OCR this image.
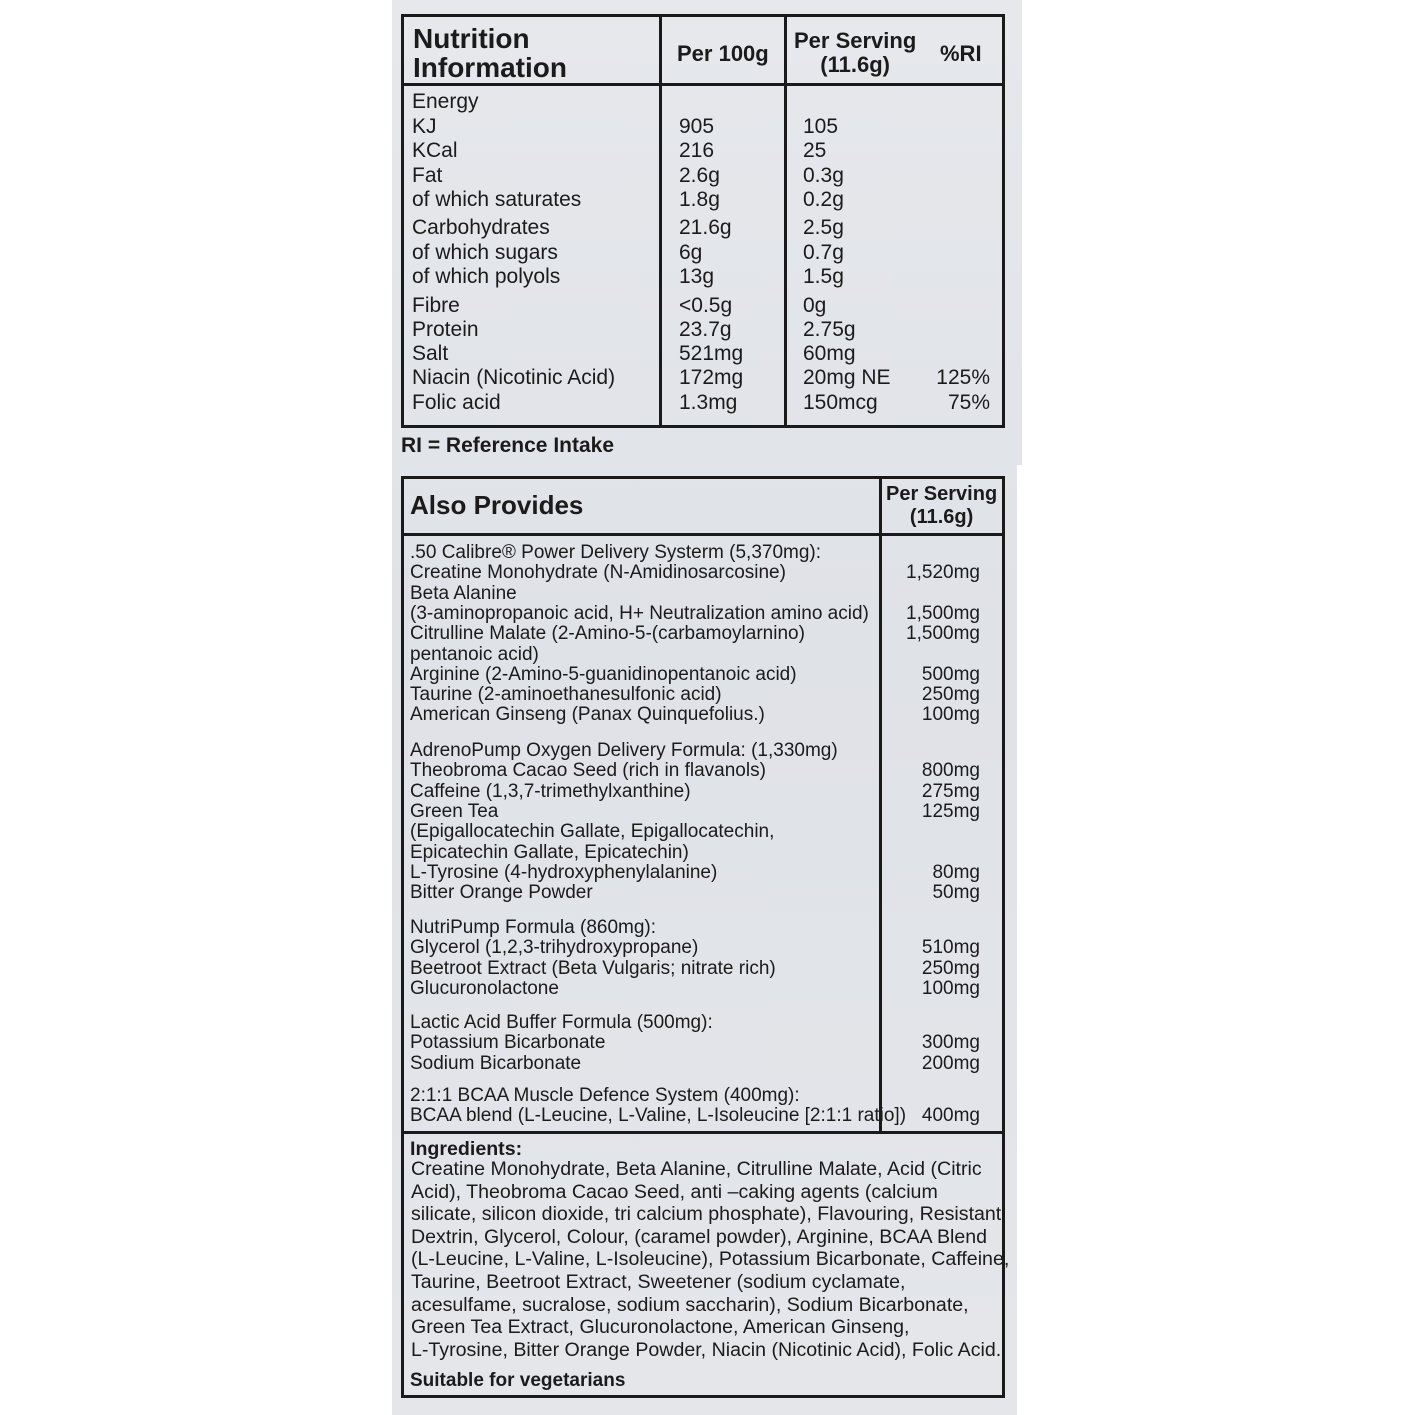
Nutrition
Information	Per 100g
Per Serving
(11.6g)	%RI
Energy
KJ	905	105
KCal	216	25
Fat	2.6g	0.3g
of which saturates	1.8g	0.2g
Carbohydrates	21.6g	2.5g
of which sugars	6g	0.7g
of which polyols	13g	1.5g
Fibre	<0.5g	0g
Protein	23.7g	2.75g
Salt	521mg	60mg
Niacin (Nicotinic Acid)	172mg	20mg NE	125%
Folic acid	1.3mg	150mcg	75%
RI = Reference Intake
Also Provides	Per Serving
(11.6g)
.50 Calibre® Power Delivery Systerm (5,370mg):
Creatine Monohydrate (N-Amidinosarcosine)	1,520mg
Beta Alanine
(3-aminopropanoic acid, H+ Neutralization amino acid)	1,500mg
Citrulline Malate (2-Amino-5-(carbamoylarnino)
pentanoic acid)
1,500mg
Arginine (2-Amino-5-guanidinopentanoic acid)	500mg
Taurine (2-aminoethanesulfonic acid)	250mg
American Ginseng (Panax Quinquefolius.)	100mg
AdrenoPump Oxygen Delivery Formula: (1,330mg)
Theobroma Cacao Seed (rich in flavanols)	800mg
Caffeine (1,3,7-trimethylxanthine)	275mg
Green Tea
(Epigallocatechin Gallate, Epigallocatechin,
Epicatechin Gallate, Epicatechin)
125mg
L-Tyrosine (4-hydroxyphenylalanine)	80mg
Bitter Orange Powder	50mg
NutriPump Formula (860mg):
Glycerol (1,2,3-trihydroxypropane)	510mg
Beetroot Extract (Beta Vulgaris; nitrate rich)	250mg
Glucuronolactone	100mg
Lactic Acid Buffer Formula (500mg):
Potassium Bicarbonate	300mg
Sodium Bicarbonate	200mg
2:1:1 BCAA Muscle Defence System (400mg):
BCAA blend (L-Leucine, L-Valine, L-Isoleucine [2:1:1 ratio]) 400mg
Ingredients:
Creatine Monohydrate, Beta Alanine, Citrulline Malate, Acid (Citric
Acid), Theobroma Cacao Seed, anti –caking agents (calcium
silicate, silicon dioxide, tri calcium phosphate), Flavouring, Resistant
Dextrin, Glycerol, Colour, (caramel powder), Arginine, BCAA Blend
(L-Leucine, L-Valine, L-Isoleucine), Potassium Bicarbonate, Caffeine,
Taurine, Beetroot Extract, Sweetener (sodium cyclamate,
acesulfame, sucralose, sodium saccharin), Sodium Bicarbonate,
Green Tea Extract, Glucuronolactone, American Ginseng,
L-Tyrosine, Bitter Orange Powder, Niacin (Nicotinic Acid), Folic Acid.
Suitable for vegetarians
